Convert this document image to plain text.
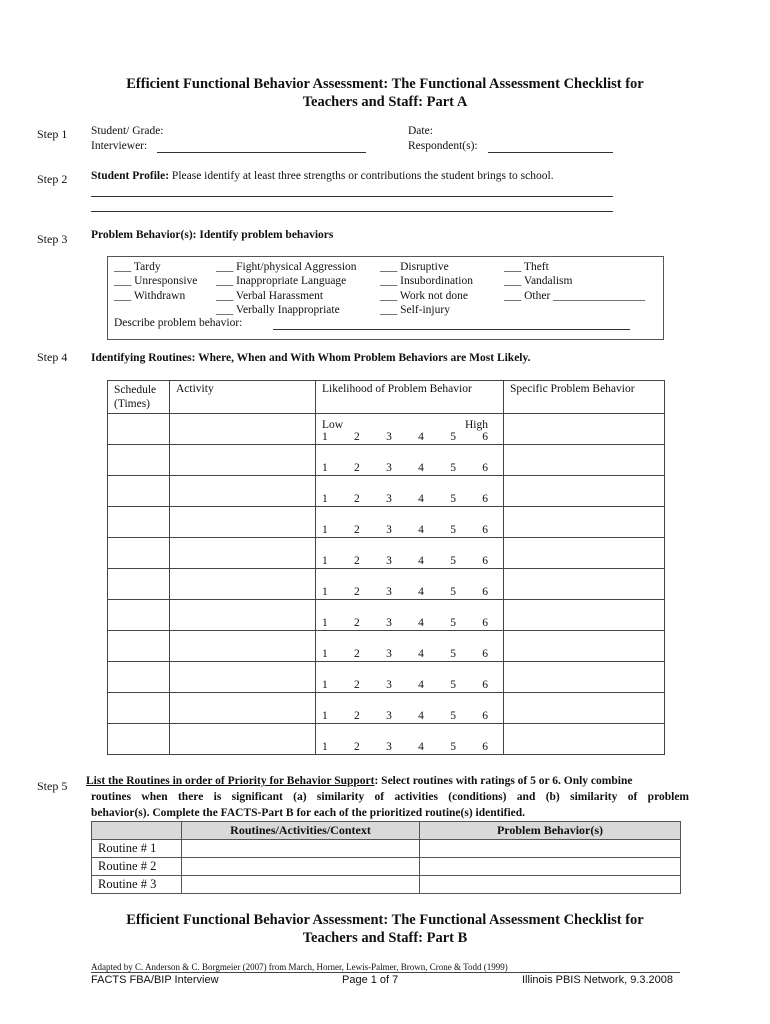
Efficient Functional Behavior Assessment: The Functional Assessment Checklist for
Teachers and Staff: Part A
Step 1 Student/ Grade:
Interviewer:
Date:
Respondent(s):
Step 2 Student Profile: Please identify at least three strengths or contributions the student brings to school.
Step 3 Problem Behavior(s): Identify problem behaviors
___ Tardy
___ Unresponsive
___ Withdrawn
___ Fight/physical Aggression
___ Inappropriate Language
___ Verbal Harassment
___ Verbally Inappropriate
___ Disruptive
___ Insubordination
___ Work not done
___ Self-injury
___ Theft
___ Vandalism
___ Other ________________
Describe problem behavior:
Step 4 Identifying Routines: Where, When and With Whom Problem Behaviors are Most Likely.
Schedule (Times)	Activity	Likelihood of Problem Behavior	Specific Problem Behavior

Low	High
1 2 3 4 5 6

1 2 3 4 5 6

1 2 3 4 5 6

1 2 3 4 5 6

1 2 3 4 5 6

1 2 3 4 5 6

1 2 3 4 5 6

1 2 3 4 5 6

1 2 3 4 5 6

1 2 3 4 5 6

1 2 3 4 5 6

Step 5 List the Routines in order of Priority for Behavior Support: Select routines with ratings of 5 or 6. Only combine
routines when there is significant (a) similarity of activities (conditions) and (b) similarity of problem
behavior(s). Complete the FACTS-Part B for each of the prioritized routine(s) identified.
	Routines/Activities/Context	Problem Behavior(s)
Routine # 1		
Routine # 2		
Routine # 3		
Efficient Functional Behavior Assessment: The Functional Assessment Checklist for
Teachers and Staff: Part B
Adapted by C. Anderson & C. Borgmeier (2007) from March, Horner, Lewis-Palmer, Brown, Crone & Todd (1999)
FACTS FBA/BIP Interview	Page 1 of 7	Illinois PBIS Network, 9.3.2008
